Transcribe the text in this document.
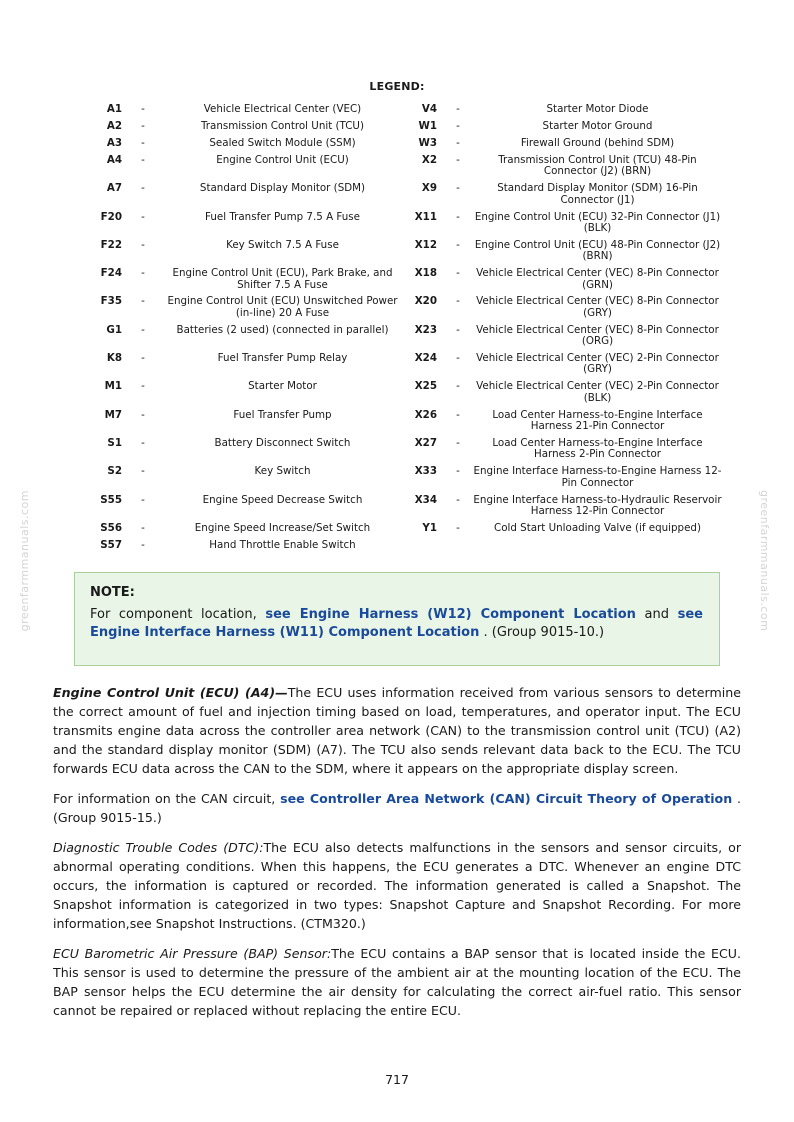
greenfarmmanuals.com	greenfarmmanuals.com
LEGEND:
A1	-	Vehicle Electrical Center (VEC)
A2	-	Transmission Control Unit (TCU)
A3	-	Sealed Switch Module (SSM)
A4	-	Engine Control Unit (ECU)
A7	-	Standard Display Monitor (SDM)
F20	-	Fuel Transfer Pump 7.5 A Fuse
F22	-	Key Switch 7.5 A Fuse
F24	-	Engine Control Unit (ECU), Park Brake, and Shifter 7.5 A Fuse
F35	-	Engine Control Unit (ECU) Unswitched Power (in-line) 20 A Fuse
G1	-	Batteries (2 used) (connected in parallel)
K8	-	Fuel Transfer Pump Relay
M1	-	Starter Motor
M7	-	Fuel Transfer Pump
S1	-	Battery Disconnect Switch
S2	-	Key Switch
S55	-	Engine Speed Decrease Switch
S56	-	Engine Speed Increase/Set Switch
S57	-	Hand Throttle Enable Switch
V4	-	Starter Motor Diode
W1	-	Starter Motor Ground
W3	-	Firewall Ground (behind SDM)
X2	-	Transmission Control Unit (TCU) 48-Pin Connector (J2) (BRN)
X9	-	Standard Display Monitor (SDM) 16-Pin Connector (J1)
X11	-	Engine Control Unit (ECU) 32-Pin Connector (J1) (BLK)
X12	-	Engine Control Unit (ECU) 48-Pin Connector (J2) (BRN)
X18	-	Vehicle Electrical Center (VEC) 8-Pin Connector (GRN)
X20	-	Vehicle Electrical Center (VEC) 8-Pin Connector (GRY)
X23	-	Vehicle Electrical Center (VEC) 8-Pin Connector (ORG)
X24	-	Vehicle Electrical Center (VEC) 2-Pin Connector (GRY)
X25	-	Vehicle Electrical Center (VEC) 2-Pin Connector (BLK)
X26	-	Load Center Harness-to-Engine Interface Harness 21-Pin Connector
X27	-	Load Center Harness-to-Engine Interface Harness 2-Pin Connector
X33	-	Engine Interface Harness-to-Engine Harness 12-Pin Connector
X34	-	Engine Interface Harness-to-Hydraulic Reservoir Harness 12-Pin Connector
Y1	-	Cold Start Unloading Valve (if equipped)
NOTE:
For component location, see Engine Harness (W12) Component Location and see Engine Interface Harness (W11) Component Location . (Group 9015-10.)

Engine Control Unit (ECU) (A4)—The ECU uses information received from various sensors to determine the correct amount of fuel and injection timing based on load, temperatures, and operator input. The ECU transmits engine data across the controller area network (CAN) to the transmission control unit (TCU) (A2) and the standard display monitor (SDM) (A7). The TCU also sends relevant data back to the ECU. The TCU forwards ECU data across the CAN to the SDM, where it appears on the appropriate display screen.

For information on the CAN circuit, see Controller Area Network (CAN) Circuit Theory of Operation . (Group 9015-15.)

Diagnostic Trouble Codes (DTC):The ECU also detects malfunctions in the sensors and sensor circuits, or abnormal operating conditions. When this happens, the ECU generates a DTC. Whenever an engine DTC occurs, the information is captured or recorded. The information generated is called a Snapshot. The Snapshot information is categorized in two types: Snapshot Capture and Snapshot Recording. For more information,see Snapshot Instructions. (CTM320.)

ECU Barometric Air Pressure (BAP) Sensor:The ECU contains a BAP sensor that is located inside the ECU. This sensor is used to determine the pressure of the ambient air at the mounting location of the ECU. The BAP sensor helps the ECU determine the air density for calculating the correct air-fuel ratio. This sensor cannot be repaired or replaced without replacing the entire ECU.

717
